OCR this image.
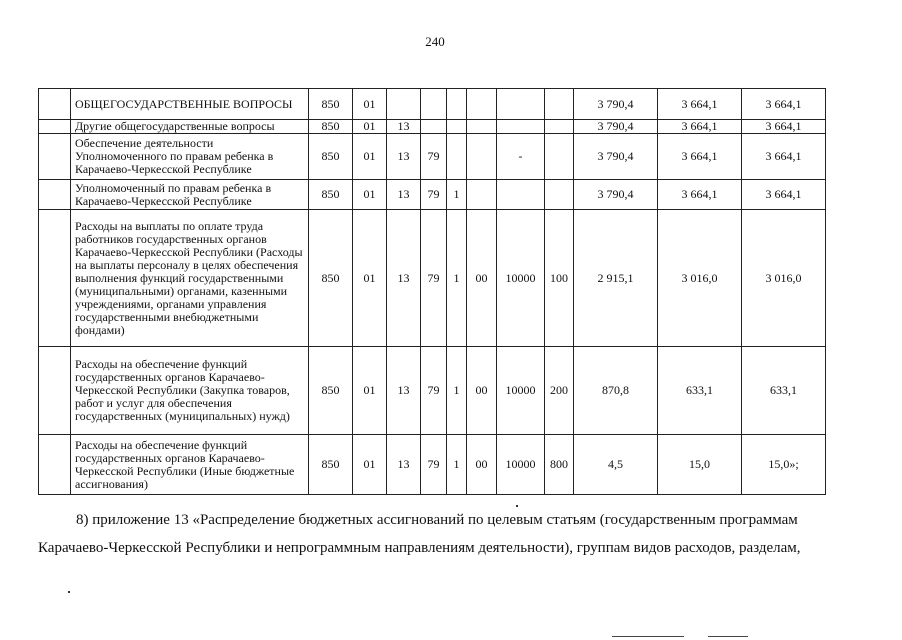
240
	ОБЩЕГОСУДАРСТВЕННЫЕ ВОПРОСЫ	850	01							3 790,4	3 664,1	3 664,1
	Другие общегосударственные вопросы	850	01	13						3 790,4	3 664,1	3 664,1
	Обеспечение деятельности Уполномоченного по правам ребенка в Карачаево-Черкесской Республике	850	01	13	79			-		3 790,4	3 664,1	3 664,1
	Уполномоченный по правам ребенка в Карачаево-Черкесской Республике	850	01	13	79	1				3 790,4	3 664,1	3 664,1
	Расходы на выплаты по оплате труда работников государственных органов Карачаево-Черкесской Республики (Расходы на выплаты персоналу в целях обеспечения выполнения функций государственными (муниципальными) органами, казенными учреждениями, органами управления государственными внебюджетными фондами)	850	01	13	79	1	00	10000	100	2 915,1	3 016,0	3 016,0
	Расходы на обеспечение функций государственных органов Карачаево-Черкесской Республики (Закупка товаров, работ и услуг для обеспечения государственных (муниципальных) нужд)	850	01	13	79	1	00	10000	200	870,8	633,1	633,1
	Расходы на обеспечение функций государственных органов Карачаево-Черкесской Республики (Иные бюджетные ассигнования)	850	01	13	79	1	00	10000	800	4,5	15,0	15,0»;
8) приложение 13 «Распределение бюджетных ассигнований по целевым статьям (государственным программам
Карачаево-Черкесской Республики и непрограммным направлениям деятельности), группам видов расходов, разделам,
